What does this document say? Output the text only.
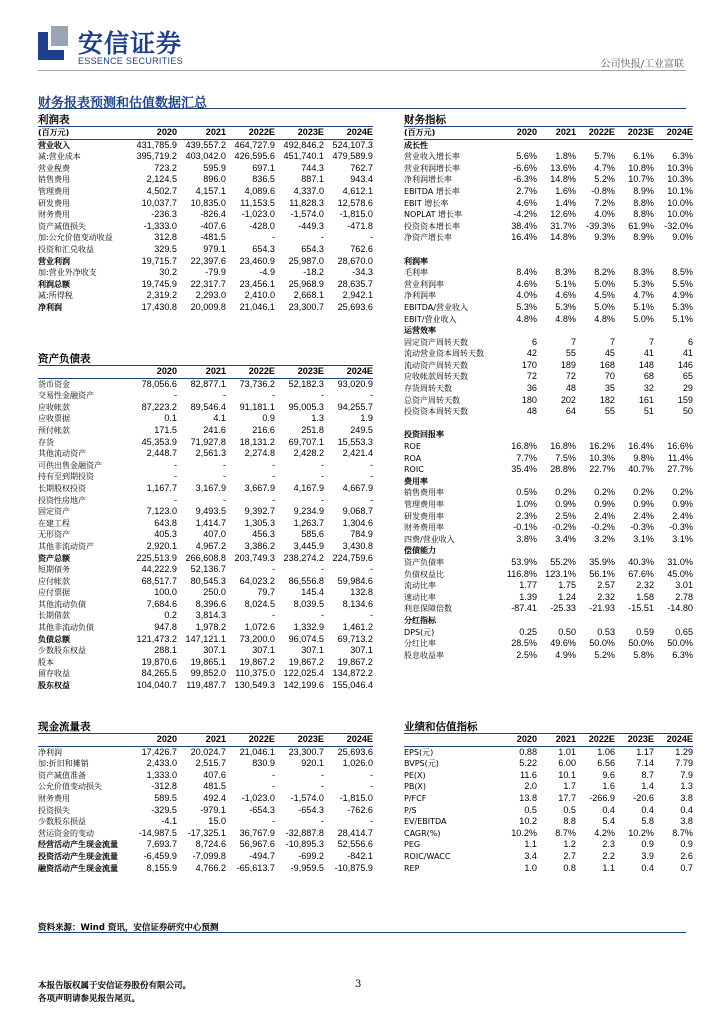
安信证券
ESSENCE SECURITIES	公司快报/工业富联
财务报表预测和估值数据汇总
利润表
(百万元)	2020	2021	2022E	2023E	2024E
营业收入	431,785.9	439,557.2	464,727.9	492,846.2	524,107.3
减:营业成本	395,719.2	403,042.0	426,595.6	451,740.1	479,589.9
营业税费	723.2	595.9	697.1	744.3	762.7
销售费用	2,124.5	896.0	836.5	887.1	943.4
管理费用	4,502.7	4,157.1	4,089.6	4,337.0	4,612.1
研发费用	10,037.7	10,835.0	11,153.5	11,828.3	12,578.6
财务费用	-236.3	-826.4	-1,023.0	-1,574.0	-1,815.0
资产减值损失	-1,333.0	-407.6	-428.0	-449.3	-471.8
加:公允价值变动收益	312.8	-481.5	-	-	-
投资和汇兑收益	329.5	979.1	654.3	654.3	762.6
营业利润	19,715.7	22,397.6	23,460.9	25,987.0	28,670.0
加:营业外净收支	30.2	-79.9	-4.9	-18.2	-34.3
利润总额	19,745.9	22,317.7	23,456.1	25,968.9	28,635.7
减:所得税	2,319.2	2,293.0	2,410.0	2,668.1	2,942.1
净利润	17,430.8	20,009.8	21,046.1	23,300.7	25,693.6
资产负债表
	2020	2021	2022E	2023E	2024E
货币资金	78,056.6	82,877.1	73,736.2	52,182.3	93,020.9
交易性金融资产	-	-	-	-	-
应收帐款	87,223.2	89,546.4	91,181.1	95,005.3	94,255.7
应收票据	0.1	4.1	0.9	1.3	1.9
预付帐款	171.5	241.6	216.6	251.8	249.5
存货	45,353.9	71,927.8	18,131.2	69,707.1	15,553.3
其他流动资产	2,448.7	2,561.3	2,274.8	2,428.2	2,421.4
可供出售金融资产	-	-	-	-	-
持有至到期投资	-	-	-	-	-
长期股权投资	1,167.7	3,167.9	3,667.9	4,167.9	4,667.9
投资性房地产	-	-	-	-	-
固定资产	7,123.0	9,493.5	9,392.7	9,234.9	9,068.7
在建工程	643.8	1,414.7	1,305.3	1,263.7	1,304.6
无形资产	405.3	407.0	456.3	585.6	784.9
其他非流动资产	2,920.1	4,967.2	3,386.2	3,445.9	3,430.8
资产总额	225,513.9	266,608.8	203,749.3	238,274.2	224,759.6
短期债务	44,222.9	52,136.7	-	-	-
应付帐款	68,517.7	80,545.3	64,023.2	86,556.8	59,984.6
应付票据	100.0	250.0	79.7	145.4	132.8
其他流动负债	7,684.6	8,396.6	8,024.5	8,039.5	8,134.6
长期借款	0.2	3,814.3	-	-	-
其他非流动负债	947.8	1,978.2	1,072.6	1,332.9	1,461.2
负债总额	121,473.2	147,121.1	73,200.0	96,074.5	69,713.2
少数股东权益	288.1	307.1	307.1	307.1	307.1
股本	19,870.6	19,865.1	19,867.2	19,867.2	19,867.2
留存收益	84,265.5	99,852.0	110,375.0	122,025.4	134,872.2
股东权益	104,040.7	119,487.7	130,549.3	142,199.6	155,046.4
现金流量表
	2020	2021	2022E	2023E	2024E
净利润	17,426.7	20,024.7	21,046.1	23,300.7	25,693.6
加:折旧和摊销	2,433.0	2,515.7	830.9	920.1	1,026.0
资产减值准备	1,333.0	407.6	-	-	-
公允价值变动损失	-312.8	481.5	-	-	-
财务费用	589.5	492.4	-1,023.0	-1,574.0	-1,815.0
投资损失	-329.5	-979.1	-654.3	-654.3	-762.6
少数股东损益	-4.1	15.0	-	-	-
营运资金的变动	-14,987.5	-17,325.1	36,767.9	-32,887.8	28,414.7
经营活动产生现金流量	7,693.7	8,724.6	56,967.6	-10,895.3	52,556.6
投资活动产生现金流量	-6,459.9	-7,099.8	-494.7	-699.2	-842.1
融资活动产生现金流量	8,155.9	4,766.2	-65,613.7	-9,959.5	-10,875.9
财务指标
(百万元)	2020	2021	2022E	2023E	2024E
成长性					
营业收入增长率	5.6%	1.8%	5.7%	6.1%	6.3%
营业利润增长率	-6.6%	13.6%	4.7%	10.8%	10.3%
净利润增长率	-6.3%	14.8%	5.2%	10.7%	10.3%
EBITDA 增长率	2.7%	1.6%	-0.8%	8.9%	10.1%
EBIT 增长率	4.6%	1.4%	7.2%	8.8%	10.0%
NOPLAT 增长率	-4.2%	12.6%	4.0%	8.8%	10.0%
投资资本增长率	38.4%	31.7%	-39.3%	61.9%	-32.0%
净资产增长率	16.4%	14.8%	9.3%	8.9%	9.0%

利润率					
毛利率	8.4%	8.3%	8.2%	8.3%	8.5%
营业利润率	4.6%	5.1%	5.0%	5.3%	5.5%
净利润率	4.0%	4.6%	4.5%	4.7%	4.9%
EBITDA/营业收入	5.3%	5.3%	5.0%	5.1%	5.3%
EBIT/营业收入	4.8%	4.8%	4.8%	5.0%	5.1%
运营效率					
固定资产周转天数	6	7	7	7	6
流动营业资本周转天数	42	55	45	41	41
流动资产周转天数	170	189	168	148	146
应收帐款周转天数	72	72	70	68	65
存货周转天数	36	48	35	32	29
总资产周转天数	180	202	182	161	159
投资资本周转天数	48	64	55	51	50

投资回报率					
ROE	16.8%	16.8%	16.2%	16.4%	16.6%
ROA	7.7%	7.5%	10.3%	9.8%	11.4%
ROIC	35.4%	28.8%	22.7%	40.7%	27.7%
费用率					
销售费用率	0.5%	0.2%	0.2%	0.2%	0.2%
管理费用率	1.0%	0.9%	0.9%	0.9%	0.9%
研发费用率	2.3%	2.5%	2.4%	2.4%	2.4%
财务费用率	-0.1%	-0.2%	-0.2%	-0.3%	-0.3%
四费/营业收入	3.8%	3.4%	3.2%	3.1%	3.1%
偿债能力					
资产负债率	53.9%	55.2%	35.9%	40.3%	31.0%
负债权益比	116.8%	123.1%	56.1%	67.6%	45.0%
流动比率	1.77	1.75	2.57	2.32	3.01
速动比率	1.39	1.24	2.32	1.58	2.78
利息保障倍数	-87.41	-25.33	-21.93	-15.51	-14.80
分红指标					
DPS(元)	0.25	0.50	0.53	0.59	0.65
分红比率	28.5%	49.6%	50.0%	50.0%	50.0%
股息收益率	2.5%	4.9%	5.2%	5.8%	6.3%
业绩和估值指标
	2020	2021	2022E	2023E	2024E
EPS(元)	0.88	1.01	1.06	1.17	1.29
BVPS(元)	5.22	6.00	6.56	7.14	7.79
PE(X)	11.6	10.1	9.6	8.7	7.9
PB(X)	2.0	1.7	1.6	1.4	1.3
P/FCF	13.8	17.7	-266.9	-20.6	3.8
P/S	0.5	0.5	0.4	0.4	0.4
EV/EBITDA	10.2	8.8	5.4	5.8	3.8
CAGR(%)	10.2%	8.7%	4.2%	10.2%	8.7%
PEG	1.1	1.2	2.3	0.9	0.9
ROIC/WACC	3.4	2.7	2.2	3.9	2.6
REP	1.0	0.8	1.1	0.4	0.7
资料来源：Wind 资讯，安信证券研究中心预测
本报告版权属于安信证券股份有限公司。
各项声明请参见报告尾页。
3
